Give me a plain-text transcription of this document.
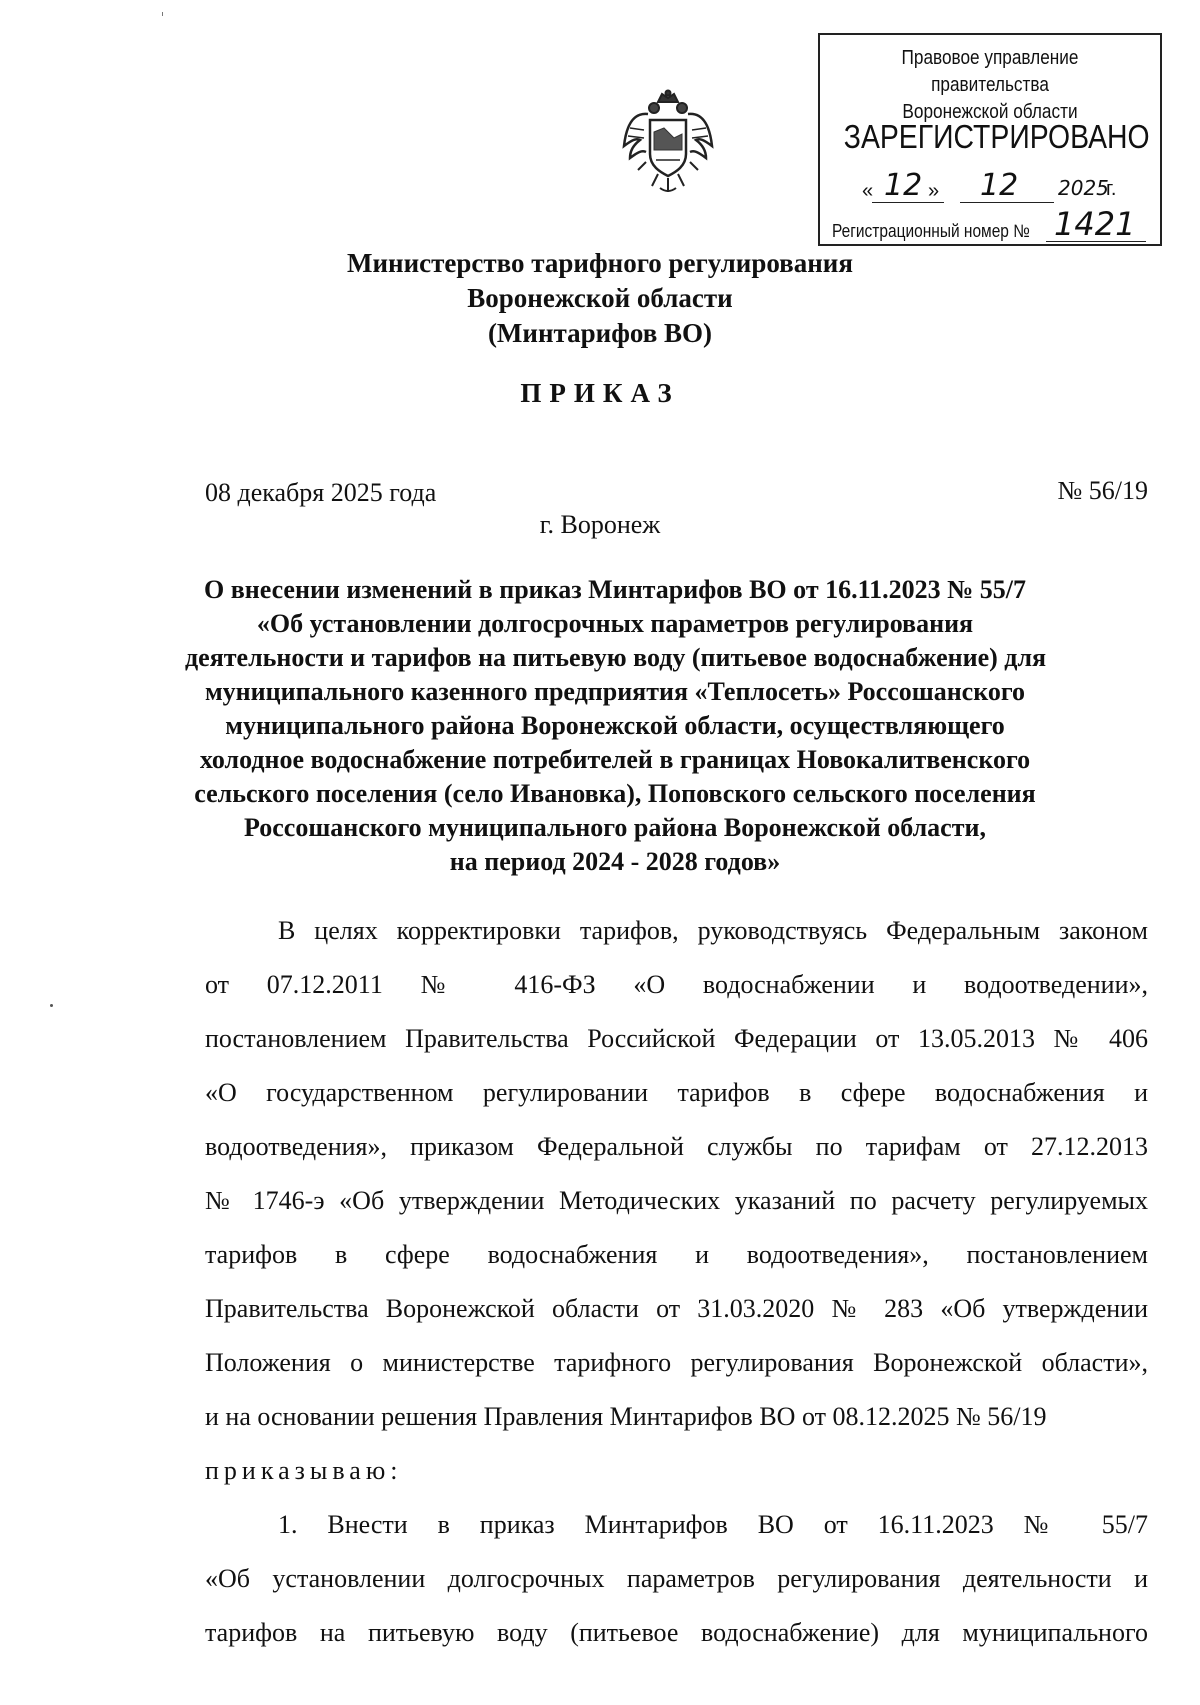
Правовое управление правительства
Воронежской области
ЗАРЕГИСТРИРОВАНО
« 12 » 12 2025
г.
Регистрационный номер № 1421
Министерство тарифного регулирования
Воронежской области
(Минтарифов ВО)
ПРИКАЗ
08 декабря 2025 года	№ 56/19
г. Воронеж
О внесении изменений в приказ Минтарифов ВО от 16.11.2023 № 55/7
«Об установлении долгосрочных параметров регулирования
деятельности и тарифов на питьевую воду (питьевое водоснабжение) для
муниципального казенного предприятия «Теплосеть» Россошанского
муниципального района Воронежской области, осуществляющего
холодное водоснабжение потребителей в границах Новокалитвенского
сельского поселения (село Ивановка), Поповского сельского поселения
Россошанского муниципального района Воронежской области,
на период 2024 - 2028 годов»
В целях корректировки тарифов, руководствуясь Федеральным законом
от 07.12.2011 № 416-ФЗ «О водоснабжении и водоотведении»,
постановлением Правительства Российской Федерации от 13.05.2013 № 406
«О государственном регулировании тарифов в сфере водоснабжения и
водоотведения», приказом Федеральной службы по тарифам от 27.12.2013
№ 1746-э «Об утверждении Методических указаний по расчету регулируемых
тарифов в сфере водоснабжения и водоотведения», постановлением
Правительства Воронежской области от 31.03.2020 № 283 «Об утверждении
Положения о министерстве тарифного регулирования Воронежской области»,
и на основании решения Правления Минтарифов ВО от 08.12.2025 № 56/19
приказываю:
1. Внести в приказ Минтарифов ВО от 16.11.2023 № 55/7
«Об установлении долгосрочных параметров регулирования деятельности и
тарифов на питьевую воду (питьевое водоснабжение) для муниципального
